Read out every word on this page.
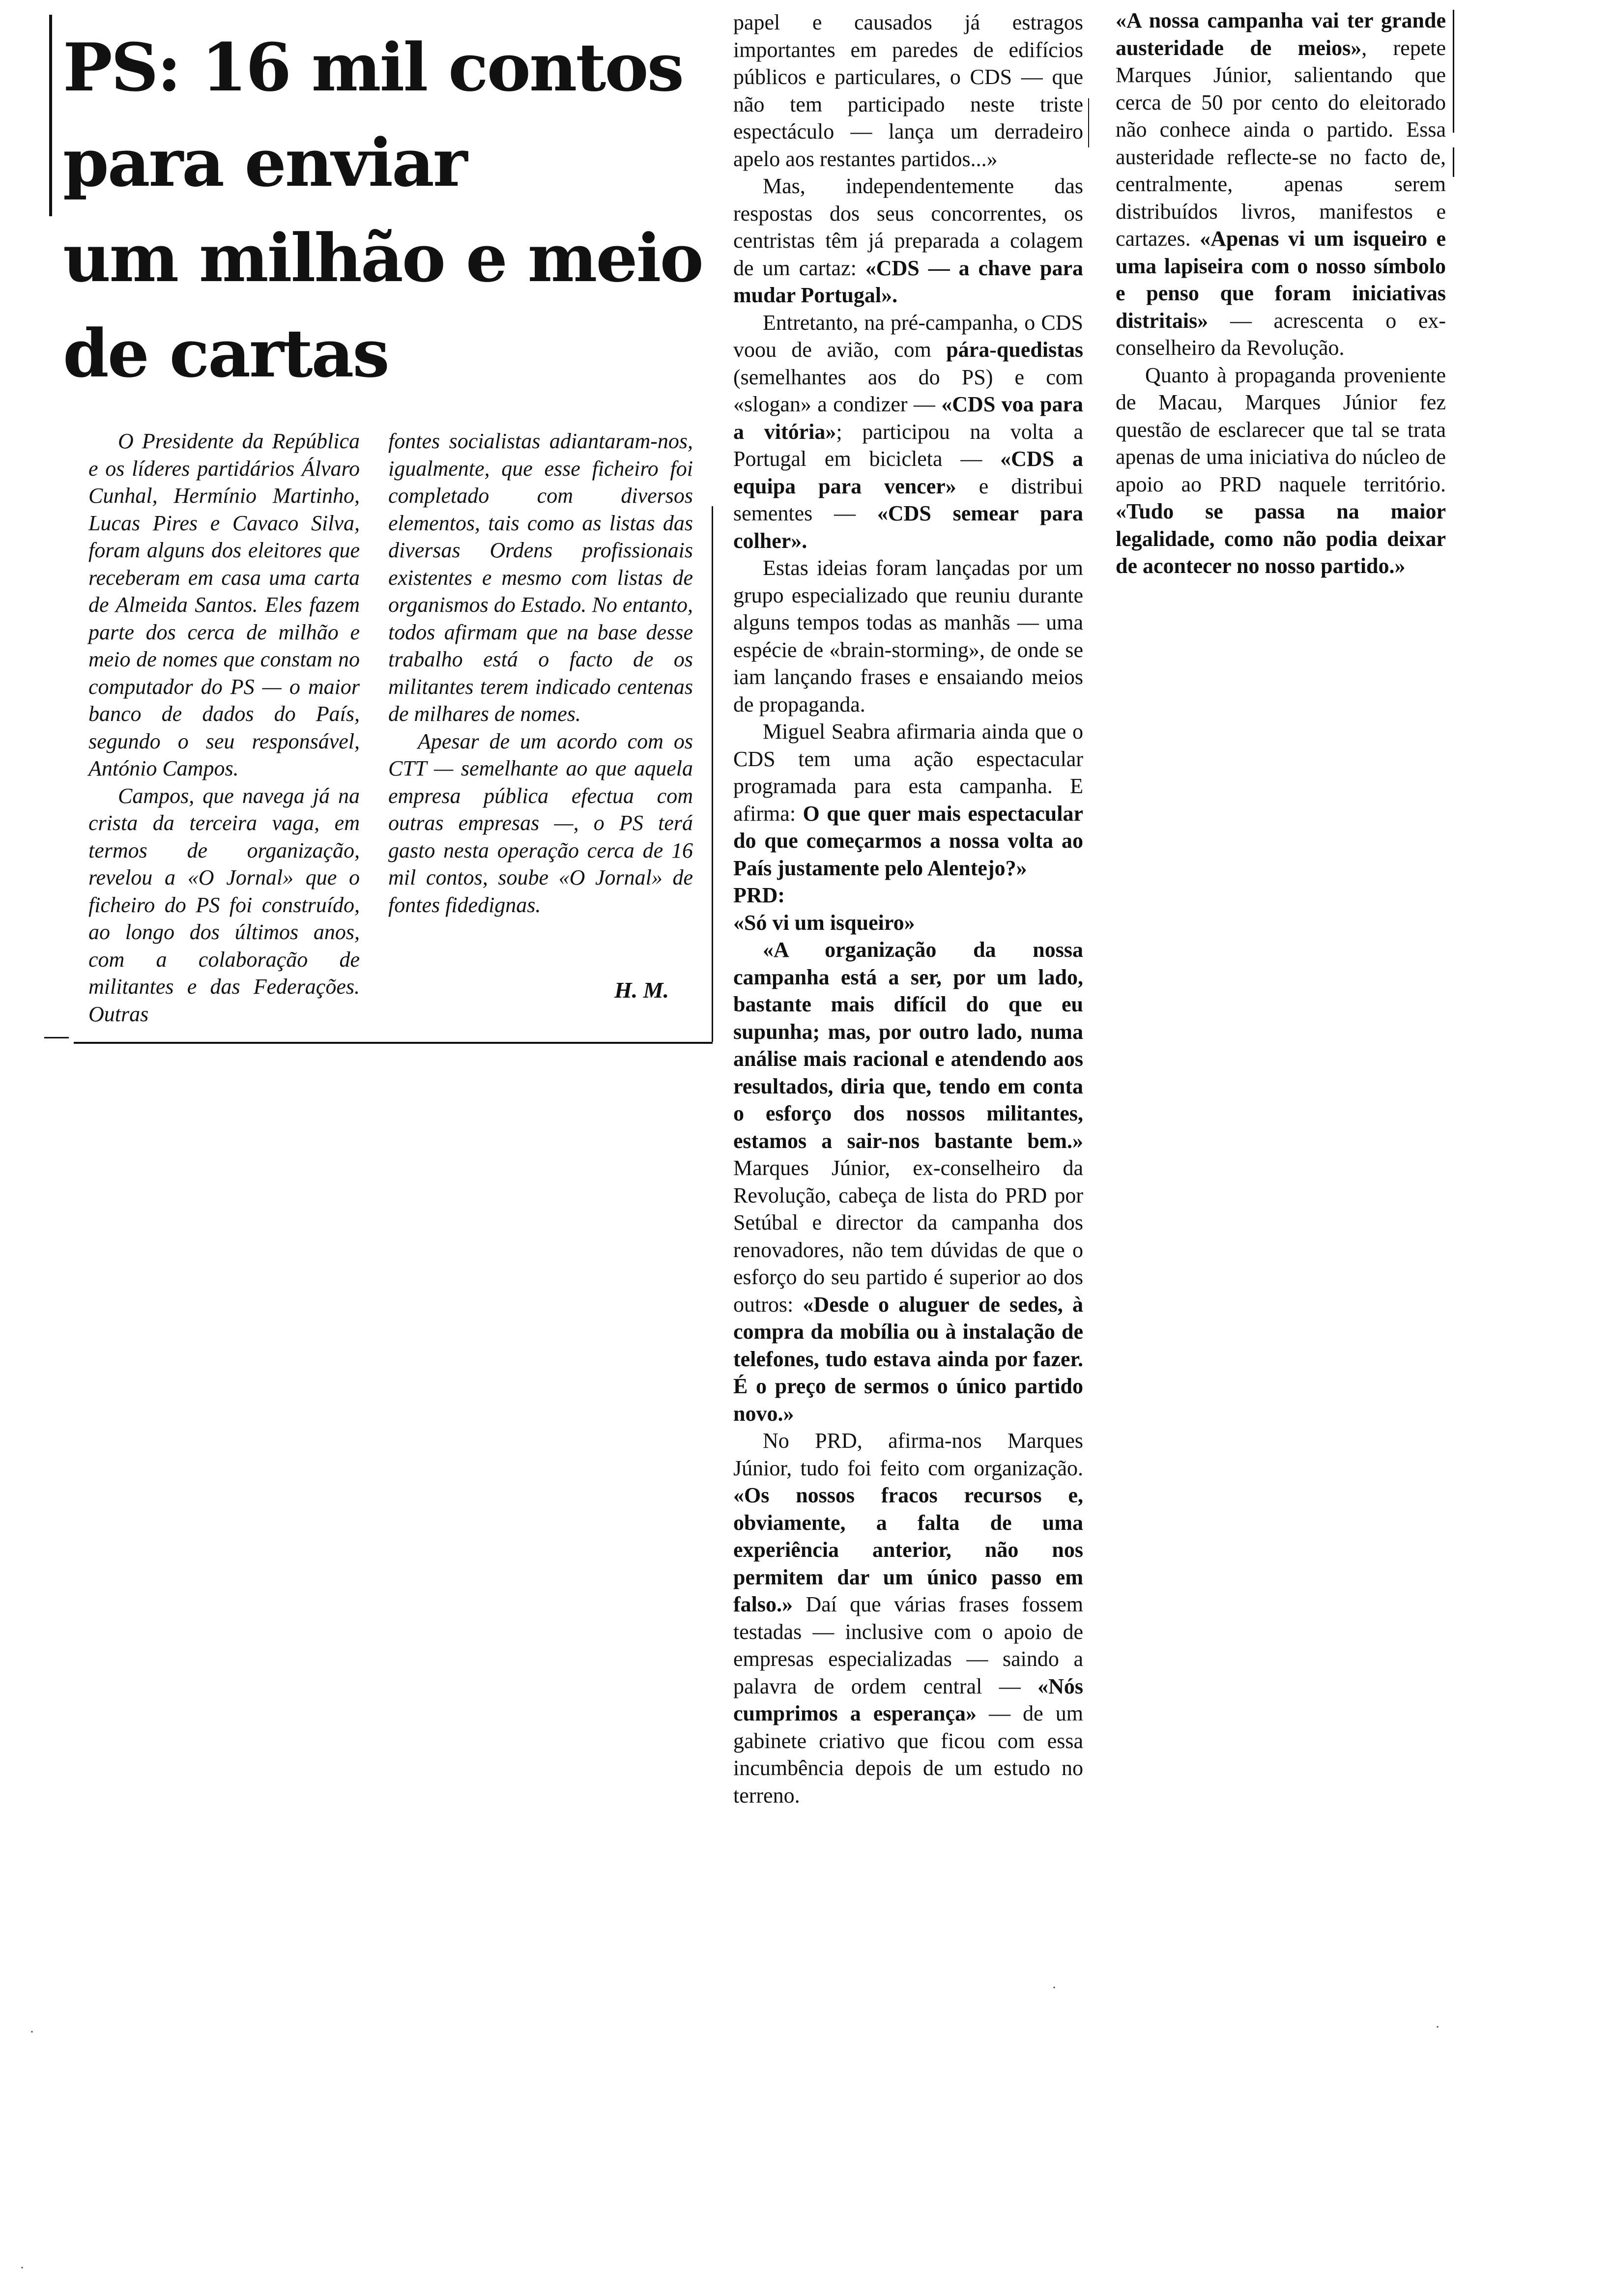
PS: 16 mil contos
para enviar
um milhão e meio
de cartas

O Presidente da República e os líderes partidários Álvaro Cunhal, Hermínio Martinho, Lucas Pires e Cavaco Silva, foram alguns dos eleitores que receberam em casa uma carta de Almeida Santos. Eles fazem parte dos cerca de milhão e meio de nomes que constam no computador do PS — o maior banco de dados do País, segundo o seu responsável, António Campos.

Campos, que navega já na crista da terceira vaga, em termos de organização, revelou a «O Jornal» que o ficheiro do PS foi construído, ao longo dos últimos anos, com a colaboração de militantes e das Federações. Outras

fontes socialistas adiantaram-nos, igualmente, que esse ficheiro foi completado com diversos elementos, tais como as listas das diversas Ordens profissionais existentes e mesmo com listas de organismos do Estado. No entanto, todos afirmam que na base desse trabalho está o facto de os militantes terem indicado centenas de milhares de nomes.

Apesar de um acordo com os CTT — semelhante ao que aquela empresa pública efectua com outras empresas —, o PS terá gasto nesta operação cerca de 16 mil contos, soube «O Jornal» de fontes fidedignas.

H. M.

papel e causados já estragos importantes em paredes de edifícios públicos e particulares, o CDS — que não tem participado neste triste espectáculo — lança um derradeiro apelo aos restantes partidos...»

Mas, independentemente das respostas dos seus concorrentes, os centristas têm já preparada a colagem de um cartaz: «CDS — a chave para mudar Portugal».

Entretanto, na pré-campanha, o CDS voou de avião, com pára-quedistas (semelhantes aos do PS) e com «slogan» a condizer — «CDS voa para a vitória»; participou na volta a Portugal em bicicleta — «CDS a equipa para vencer» e distribui sementes — «CDS semear para colher».

Estas ideias foram lançadas por um grupo especializado que reuniu durante alguns tempos todas as manhãs — uma espécie de «brain-storming», de onde se iam lançando frases e ensaiando meios de propaganda.

Miguel Seabra afirmaria ainda que o CDS tem uma ação espectacular programada para esta campanha. E afirma: O que quer mais espectacular do que começarmos a nossa volta ao País justamente pelo Alentejo?»

PRD:

«Só vi um isqueiro»

«A organização da nossa campanha está a ser, por um lado, bastante mais difícil do que eu supunha; mas, por outro lado, numa análise mais racional e atendendo aos resultados, diria que, tendo em conta o esforço dos nossos militantes, estamos a sair-nos bastante bem.» Marques Júnior, ex-conselheiro da Revolução, cabeça de lista do PRD por Setúbal e director da campanha dos renovadores, não tem dúvidas de que o esforço do seu partido é superior ao dos outros: «Desde o aluguer de sedes, à compra da mobília ou à instalação de telefones, tudo estava ainda por fazer. É o preço de sermos o único partido novo.»

No PRD, afirma-nos Marques Júnior, tudo foi feito com organização. «Os nossos fracos recursos e, obviamente, a falta de uma experiência anterior, não nos permitem dar um único passo em falso.» Daí que várias frases fossem testadas — inclusive com o apoio de empresas especializadas — saindo a palavra de ordem central — «Nós cumprimos a esperança» — de um gabinete criativo que ficou com essa incumbência depois de um estudo no terreno.

«A nossa campanha vai ter grande austeridade de meios», repete Marques Júnior, salientando que cerca de 50 por cento do eleitorado não conhece ainda o partido. Essa austeridade reflecte-se no facto de, centralmente, apenas serem distribuídos livros, manifestos e cartazes. «Apenas vi um isqueiro e uma lapiseira com o nosso símbolo e penso que foram iniciativas distritais» — acrescenta o ex-conselheiro da Revolução.

Quanto à propaganda proveniente de Macau, Marques Júnior fez questão de esclarecer que tal se trata apenas de uma iniciativa do núcleo de apoio ao PRD naquele território. «Tudo se passa na maior legalidade, como não podia deixar de acontecer no nosso partido.»

·
·
·
·
